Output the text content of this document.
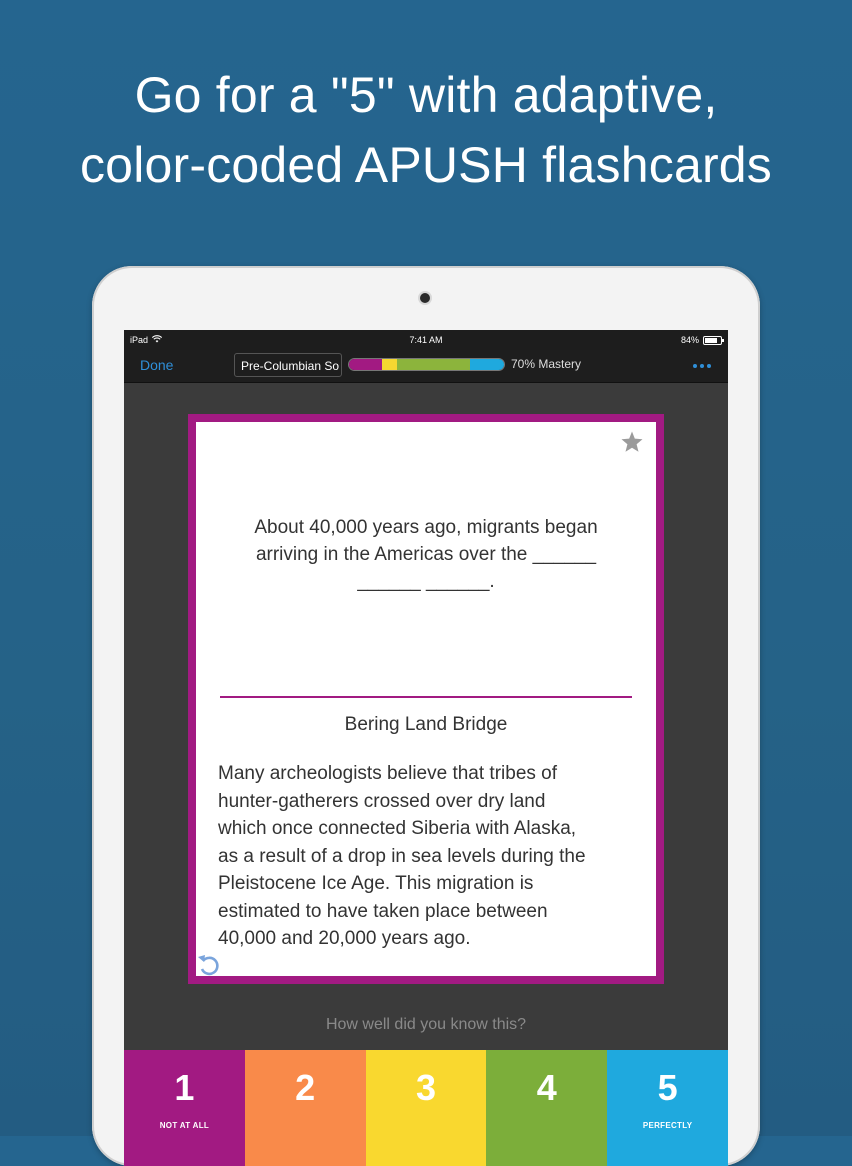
Go for a "5" with adaptive,
color-coded APUSH flashcards
iPad	7:41 AM	84%
Done	Pre-Columbian So	70% Mastery
About 40,000 years ago, migrants began
arriving in the Americas over the ______
______ ______.
Bering Land Bridge
Many archeologists believe that tribes of
hunter-gatherers crossed over dry land
which once connected Siberia with Alaska,
as a result of a drop in sea levels during the
Pleistocene Ice Age. This migration is
estimated to have taken place between
40,000 and 20,000 years ago.
How well did you know this?
1
NOT AT ALL
2	3	4	5
PERFECTLY
